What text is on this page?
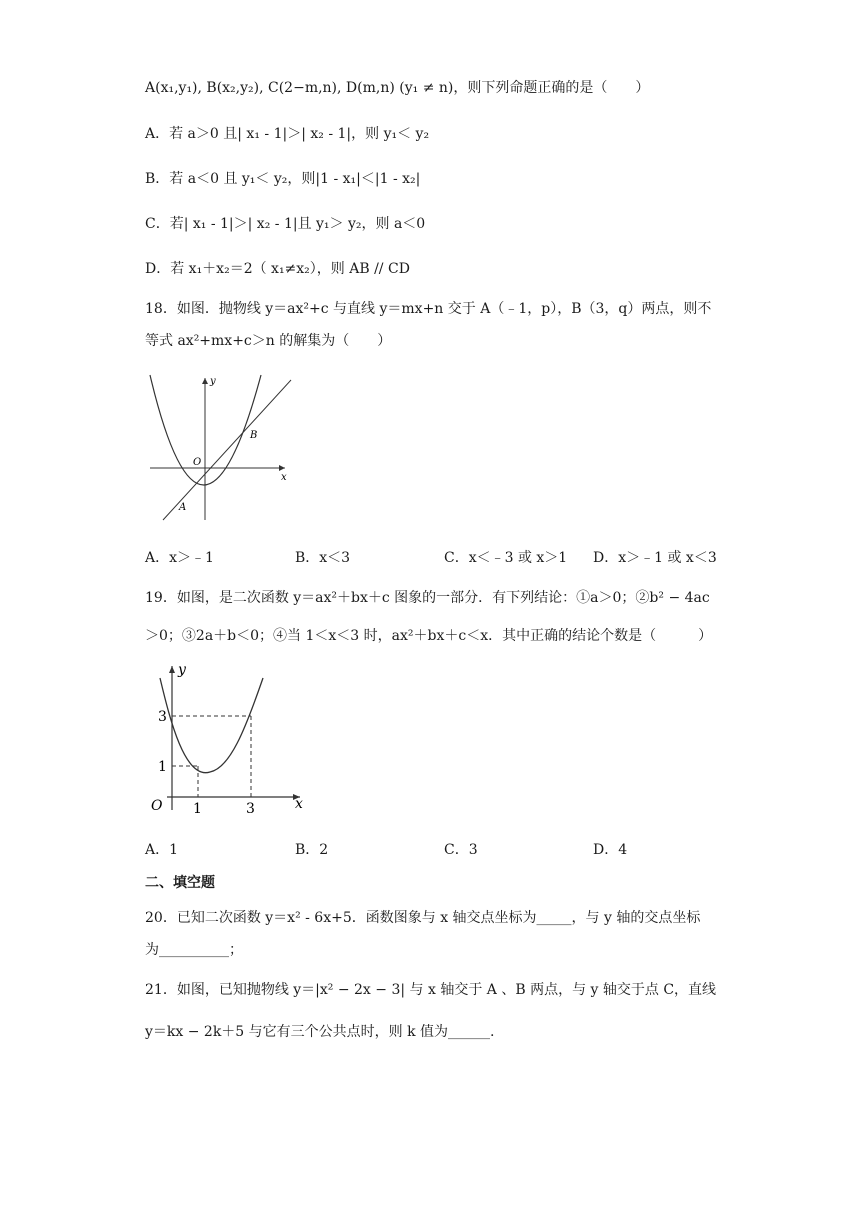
A(x₁,y₁), B(x₂,y₂), C(2−m,n), D(m,n) (y₁ ≠ n)，则下列命题正确的是（　　）
A．若 a＞0 且| x₁ - 1|＞| x₂ - 1|，则 y₁＜ y₂
B．若 a＜0 且 y₁＜ y₂，则|1 - x₁|＜|1 - x₂|
C．若| x₁ - 1|＞| x₂ - 1|且 y₁＞ y₂，则 a＜0
D．若 x₁＋x₂＝2（ x₁≠x₂），则 AB // CD
18．如图．抛物线 y＝ax²+c 与直线 y＝mx+n 交于 A（﹣1，p），B（3，q）两点，则不
等式 ax²+mx+c＞n 的解集为（　　）
y
x
O
A
B
A．x＞﹣1	B．x＜3	C．x＜﹣3 或 x＞1 D．x＞﹣1 或 x＜3
19．如图，是二次函数 y＝ax²＋bx＋c 图象的一部分．有下列结论：①a＞0；②b² − 4ac
＞0；③2a＋b＜0；④当 1＜x＜3 时，ax²＋bx＋c＜x．其中正确的结论个数是（　　　）
y
x
O
3
1
1	3
A．1	B．2	C．3	D．4
二、填空题
20．已知二次函数 y＝x² - 6x+5．函数图象与 x 轴交点坐标为_____，与 y 轴的交点坐标
为__________；
21．如图，已知抛物线 y＝|x² − 2x − 3| 与 x 轴交于 A 、B 两点，与 y 轴交于点 C，直线
y＝kx − 2k＋5 与它有三个公共点时，则 k 值为______.
